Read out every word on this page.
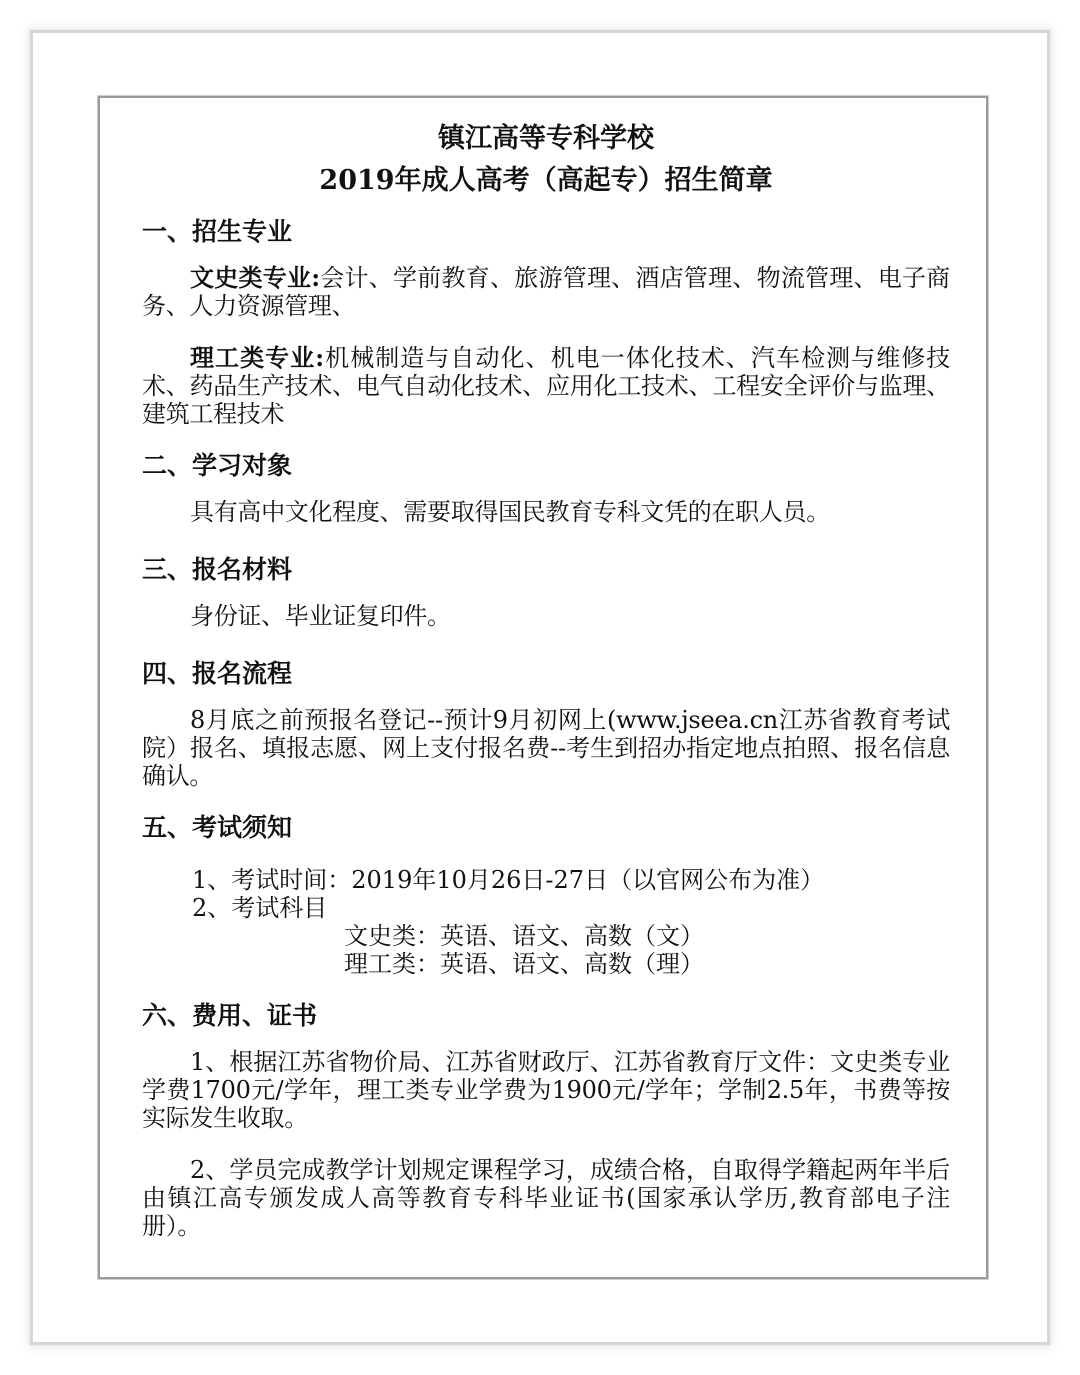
镇江高等专科学校
2019年成人高考（高起专）招生简章
一、招生专业

文史类专业:会计、学前教育、旅游管理、酒店管理、物流管理、电子商务、人力资源管理、

理工类专业:机械制造与自动化、机电一体化技术、汽车检测与维修技术、药品生产技术、电气自动化技术、应用化工技术、工程安全评价与监理、建筑工程技术

二、学习对象

具有高中文化程度、需要取得国民教育专科文凭的在职人员。

三、报名材料

身份证、毕业证复印件。

四、报名流程

8月底之前预报名登记--预计9月初网上(www.jseea.cn江苏省教育考试院）报名、填报志愿、网上支付报名费--考生到招办指定地点拍照、报名信息确认。

五、考试须知

1、考试时间：2019年10月26日-27日（以官网公布为准）

2、考试科目

文史类：英语、语文、高数（文）

理工类：英语、语文、高数（理）

六、费用、证书

1、根据江苏省物价局、江苏省财政厅、江苏省教育厅文件：文史类专业学费1700元/学年，理工类专业学费为1900元/学年；学制2.5年，书费等按实际发生收取。

2、学员完成教学计划规定课程学习，成绩合格，自取得学籍起两年半后由镇江高专颁发成人高等教育专科毕业证书(国家承认学历,教育部电子注册）。
